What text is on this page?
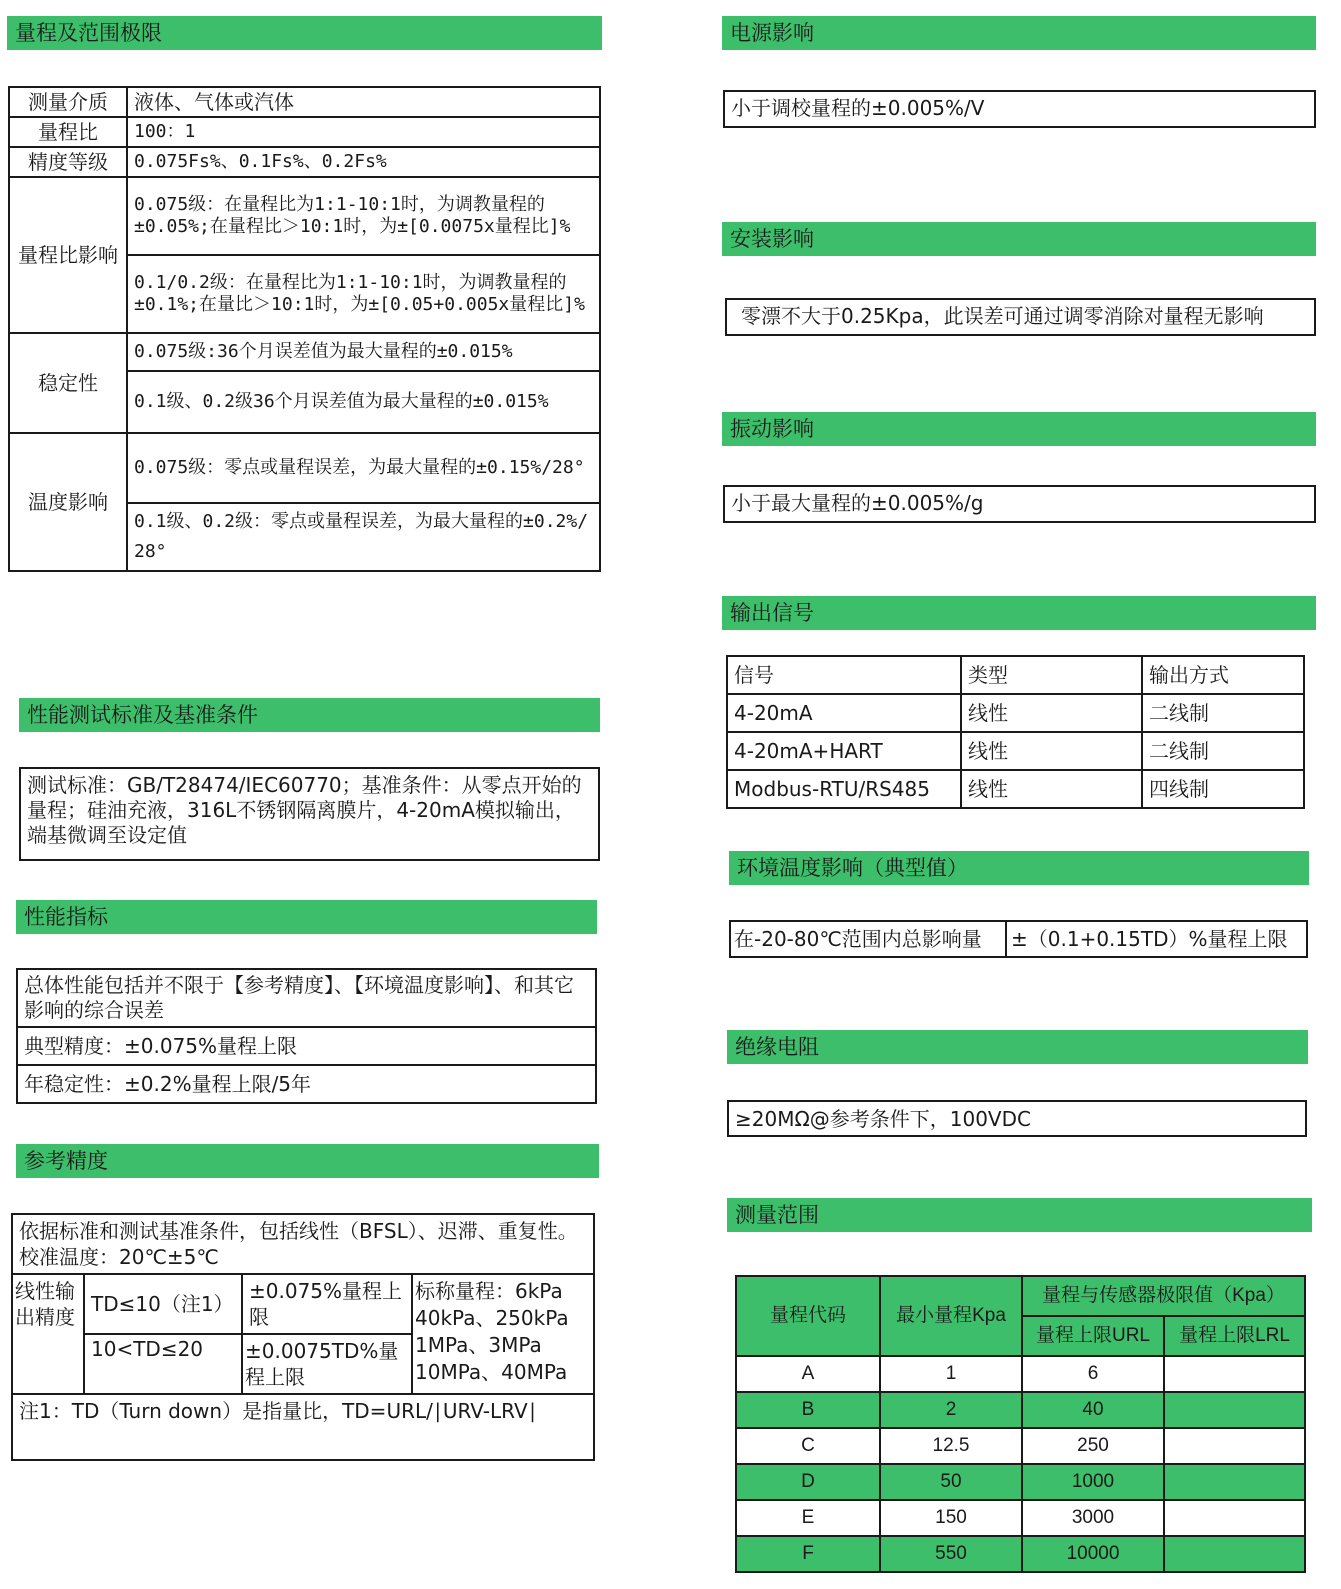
量程及范围极限
测量介质	液体、气体或汽体
量程比	100：1
精度等级	0.075Fs%、0.1Fs%、0.2Fs%
量程比影响	0.075级：在量程比为1:1-10:1时，为调教量程的±0.05%;在量程比＞10:1时，为±[0.0075x量程比]%
	0.1/0.2级：在量程比为1:1-10:1时，为调教量程的±0.1%;在量比＞10:1时，为±[0.05+0.005x量程比]%
稳定性	0.075级:36个月误差值为最大量程的±0.015%
	0.1级、0.2级36个月误差值为最大量程的±0.015%
温度影响	0.075级：零点或量程误差，为最大量程的±0.15%/28°
	0.1级、0.2级：零点或量程误差，为最大量程的±0.2%/ 28°
性能测试标准及基准条件
测试标准：GB/T28474/IEC60770；基准条件：从零点开始的量程；硅油充液，316L不锈钢隔离膜片，4-20mA模拟输出，端基微调至设定值
性能指标
总体性能包括并不限于【参考精度】、【环境温度影响】、和其它影响的综合误差
典型精度：±0.075%量程上限
年稳定性：±0.2%量程上限/5年
参考精度
依据标准和测试基准条件，包括线性（BFSL）、迟滞、重复性。校准温度：20℃±5℃			
线性输出精度	TD≤10（注1）	±0.075%量程上限	标称量程：6kPa 40kPa、250kPa 1MPa、3MPa 10MPa、40MPa
	10<TD≤20	±0.0075TD%量程上限	
注1：TD（Turn down）是指量比，TD=URL/∣URV-LRV∣			
电源影响
小于调校量程的±0.005%/V
安装影响
零漂不大于0.25Kpa，此误差可通过调零消除对量程无影响
振动影响
小于最大量程的±0.005%/g
输出信号
信号	类型	输出方式
4-20mA	线性	二线制
4-20mA+HART	线性	二线制
Modbus-RTU/RS485	线性	四线制
环境温度影响（典型值）
在-20-80℃范围内总影响量	±（0.1+0.15TD）%量程上限
绝缘电阻
≥20MΩ@参考条件下，100VDC
测量范围
量程代码	最小量程Kpa	量程与传感器极限值（Kpa）	
		量程上限URL	量程上限LRL
A	1	6	
B	2	40	
C	12.5	250	
D	50	1000	
E	150	3000	
F	550	10000	
